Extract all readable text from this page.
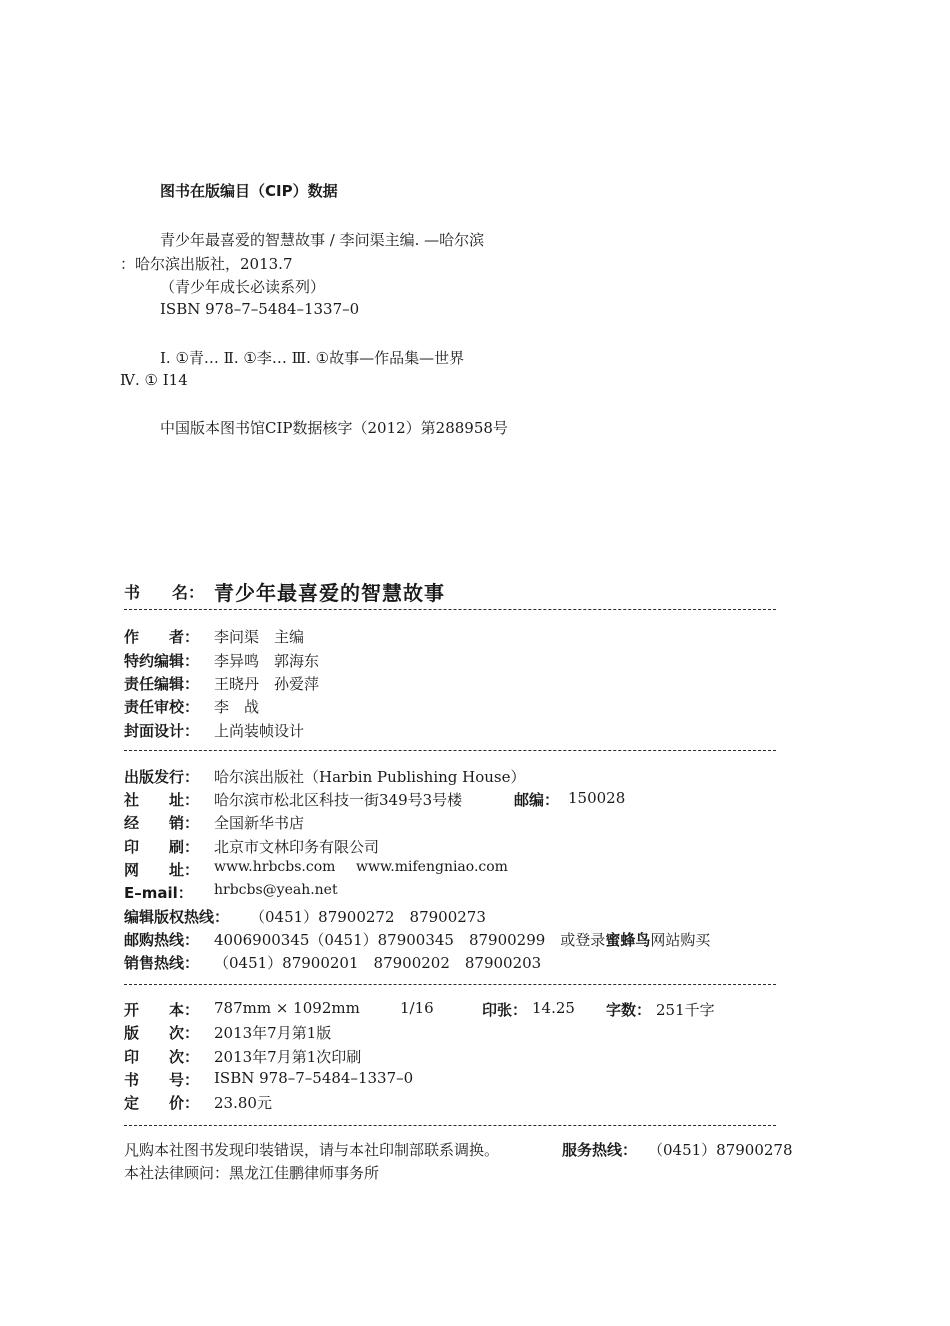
图书在版编目（CIP）数据
青少年最喜爱的智慧故事 / 李问渠主编. —哈尔滨
：哈尔滨出版社，2013.7
（青少年成长必读系列）
ISBN 978–7–5484–1337–0
Ⅰ. ①青… Ⅱ. ①李… Ⅲ. ①故事—作品集—世界
Ⅳ. ① I14
中国版本图书馆CIP数据核字（2012）第288958号
书　　名： 青少年最喜爱的智慧故事
作　　者： 李问渠　主编
特约编辑： 李异鸣　郭海东
责任编辑： 王晓丹　孙爱萍
责任审校： 李　战
封面设计： 上尚装帧设计
出版发行： 哈尔滨出版社（Harbin Publishing House）
社　　址： 哈尔滨市松北区科技一街349号3号楼	邮编： 150028
经　　销： 全国新华书店
印　　刷： 北京市文林印务有限公司
网　　址： www.hrbcbs.com www.mifengniao.com
E–mail： hrbcbs@yeah.net
编辑版权热线： （0451）87900272　87900273
邮购热线： 4006900345（0451）87900345　87900299　或登录蜜蜂鸟网站购买
销售热线： （0451）87900201　87900202　87900203
开　　本： 787mm × 1092mm	1/16	印张： 14.25 字数： 251千字
版　　次： 2013年7月第1版
印　　次： 2013年7月第1次印刷
书　　号： ISBN 978–7–5484–1337–0
定　　价： 23.80元
凡购本社图书发现印装错误，请与本社印制部联系调换。	服务热线： （0451）87900278
本社法律顾问：黑龙江佳鹏律师事务所
